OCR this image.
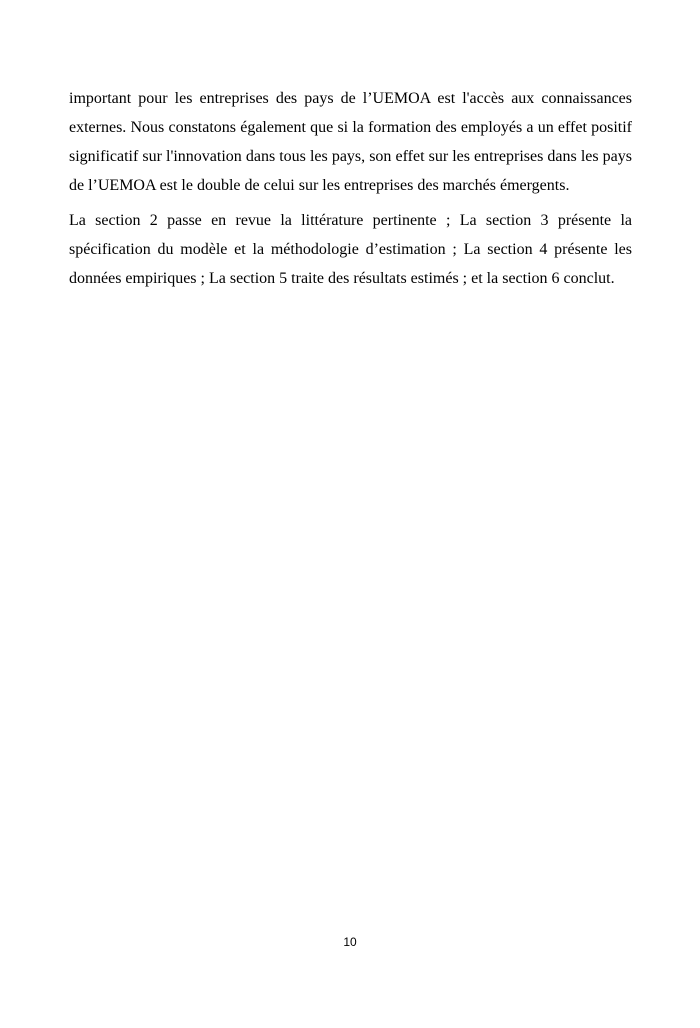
important pour les entreprises des pays de l’UEMOA est l'accès aux connaissances externes. Nous constatons également que si la formation des employés a un effet positif significatif sur l'innovation dans tous les pays, son effet sur les entreprises dans les pays de l’UEMOA est le double de celui sur les entreprises des marchés émergents.

La section 2 passe en revue la littérature pertinente ; La section 3 présente la spécification du modèle et la méthodologie d’estimation ; La section 4 présente les données empiriques ; La section 5 traite des résultats estimés ; et la section 6 conclut.

10
